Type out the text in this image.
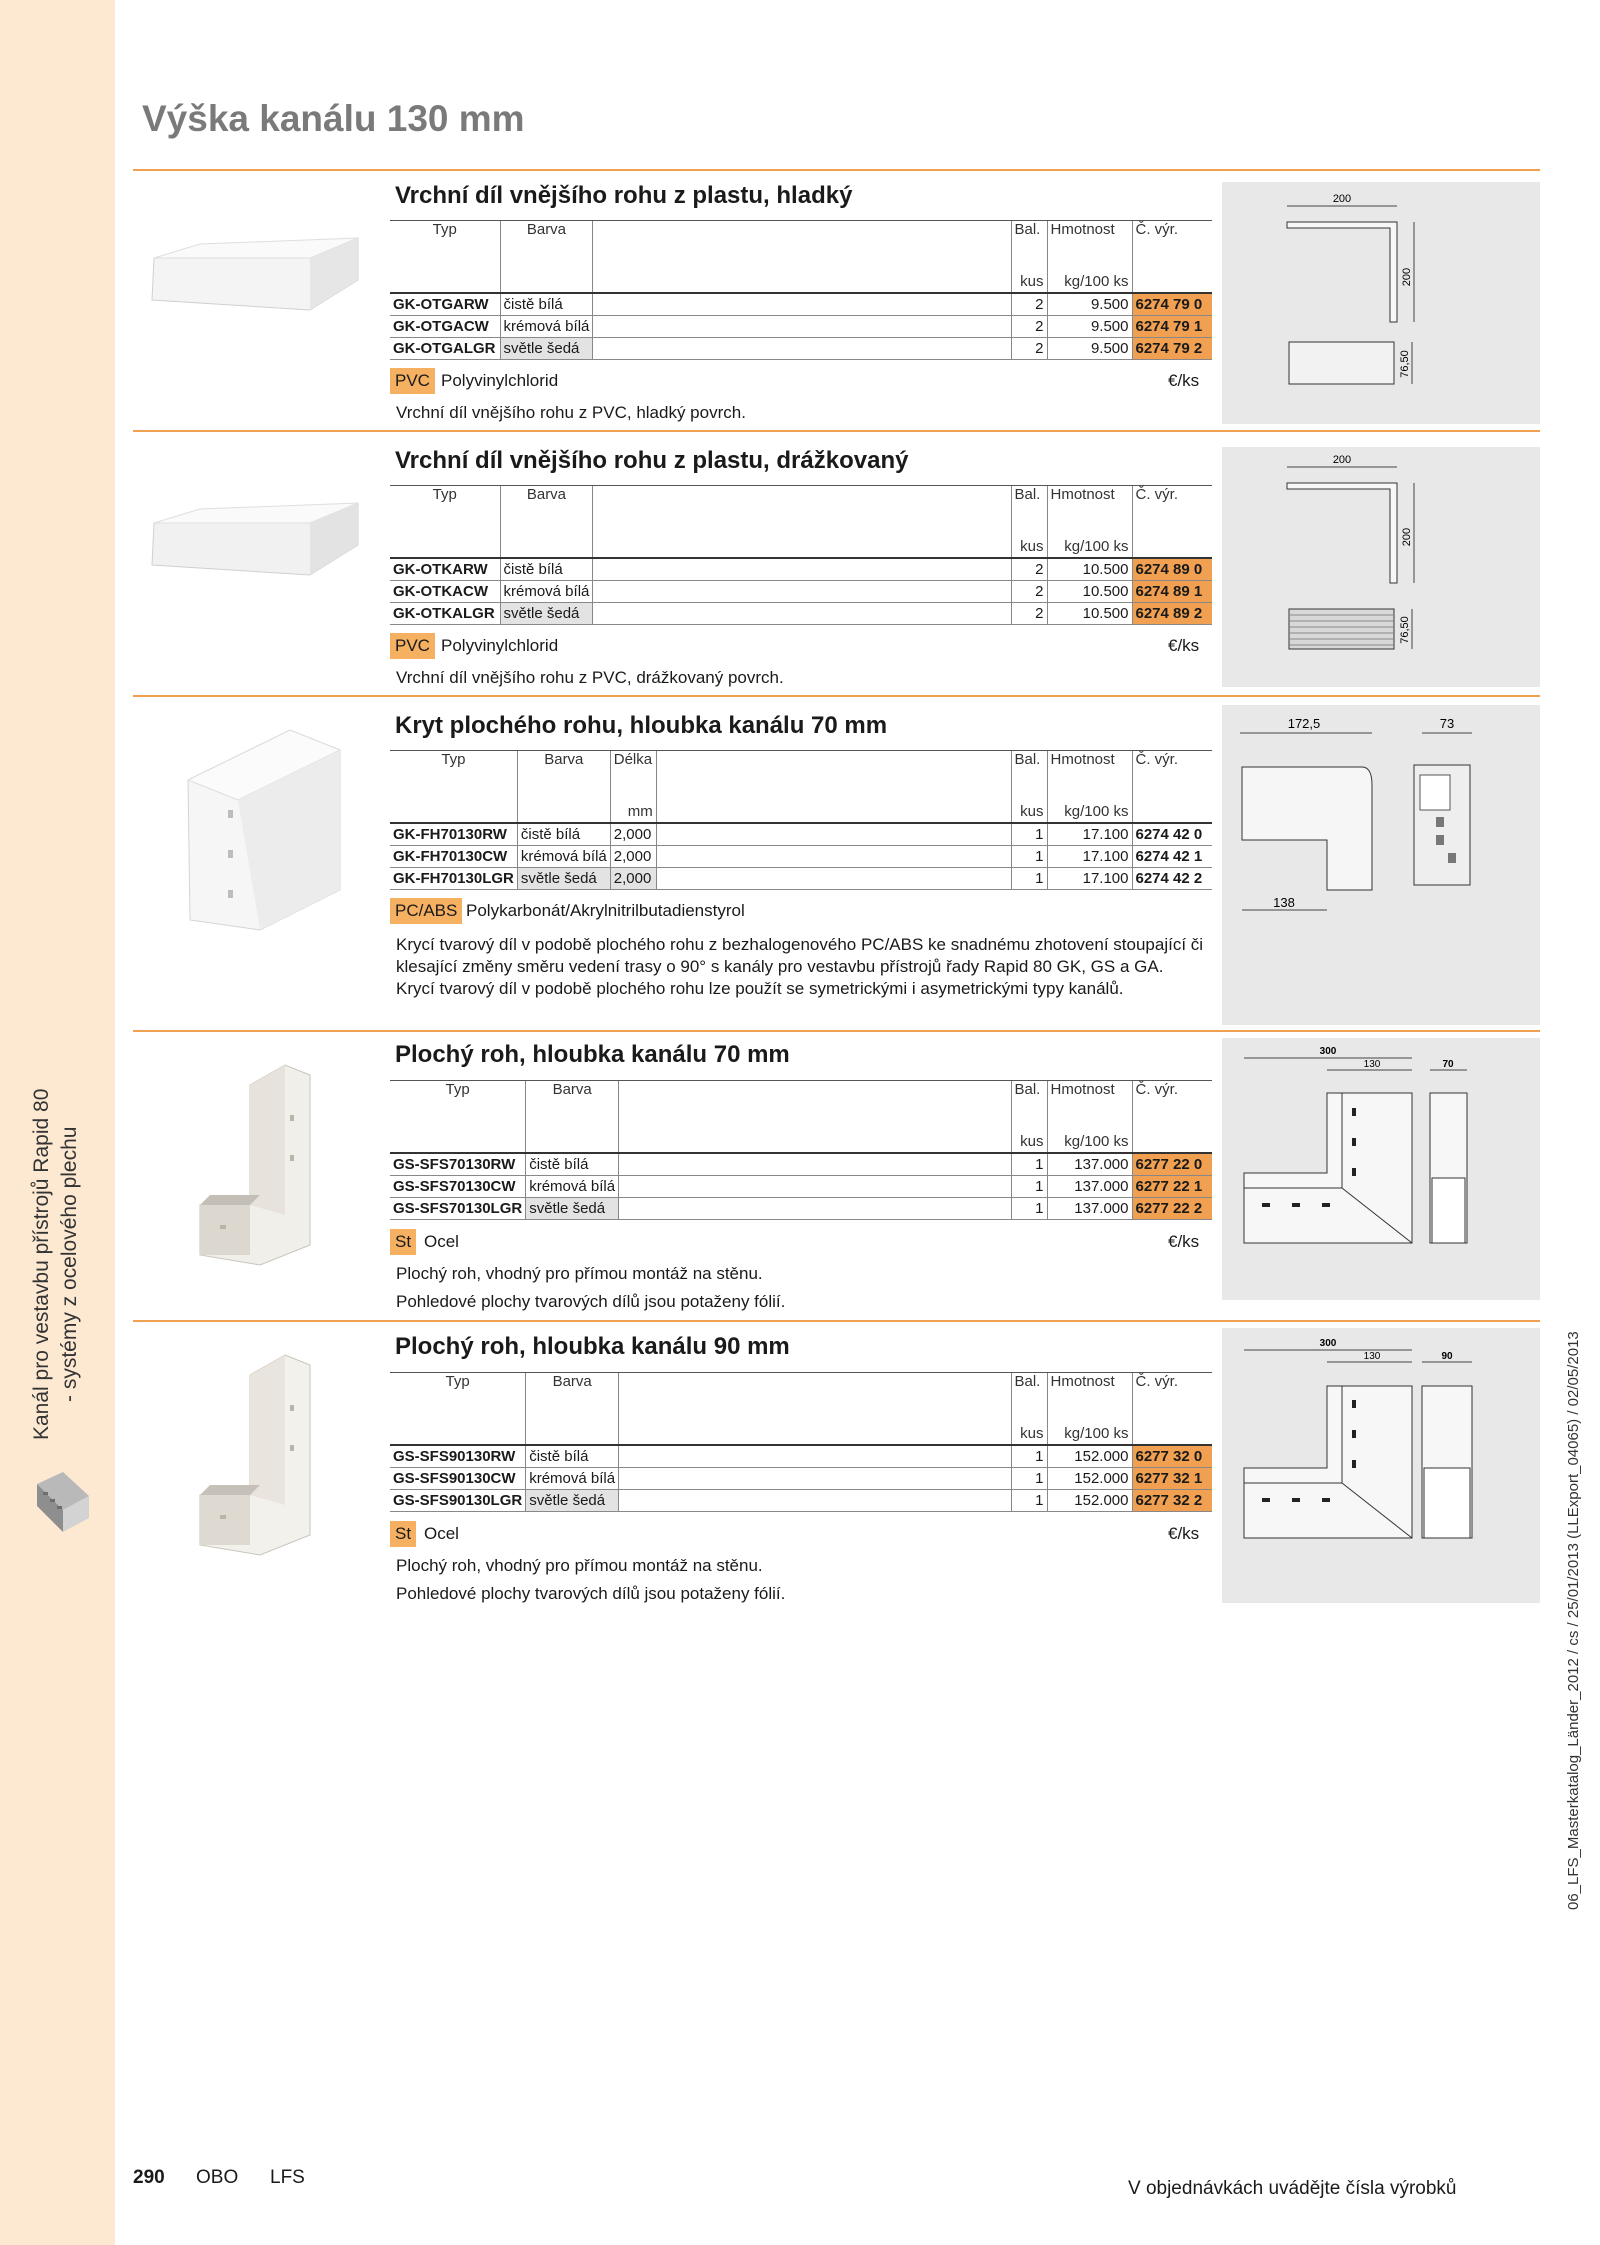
Kanál pro vestavbu přístrojů Rapid 80 - systémy z ocelového plechu
Výška kanálu 130 mm
06_LFS_Masterkatalog_Länder_2012 / cs / 25/01/2013 (LLExport_04065) / 02/05/2013
Vrchní díl vnějšího rohu z plastu, hladký
Typ	Barva		Bal.	Hmotnost	Č. výr.
			kus	kg/100 ks	
GK-OTGARW	čistě bílá		2	9.500	6274 79 0
GK-OTGACW	krémová bílá		2	9.500	6274 79 1
GK-OTGALGR	světle šedá		2	9.500	6274 79 2
PVC Polyvinylchlorid	€/ks

Vrchní díl vnějšího rohu z PVC, hladký povrch.

200
200
76,50
Vrchní díl vnějšího rohu z plastu, drážkovaný
Typ	Barva		Bal.	Hmotnost	Č. výr.
			kus	kg/100 ks	
GK-OTKARW	čistě bílá		2	10.500	6274 89 0
GK-OTKACW	krémová bílá		2	10.500	6274 89 1
GK-OTKALGR	světle šedá		2	10.500	6274 89 2
PVC Polyvinylchlorid	€/ks

Vrchní díl vnějšího rohu z PVC, drážkovaný povrch.

200
200
76,50
Kryt plochého rohu, hloubka kanálu 70 mm
Typ	Barva	Délka		Bal.	Hmotnost	Č. výr.
		mm		kus	kg/100 ks	
GK-FH70130RW	čistě bílá	2,000		1	17.100	6274 42 0
GK-FH70130CW	krémová bílá	2,000		1	17.100	6274 42 1
GK-FH70130LGR	světle šedá	2,000		1	17.100	6274 42 2
PC/ABS Polykarbonát/Akrylnitrilbutadienstyrol

Krycí tvarový díl v podobě plochého rohu z bezhalogenového PC/ABS ke snadnému zhotovení stoupající či klesající změny směru vedení trasy o 90° s kanály pro vestavbu přístrojů řady Rapid 80 GK, GS a GA. Krycí tvarový díl v podobě plochého rohu lze použít se symetrickými i asymetrickými typy kanálů.

172,5	73
138
Plochý roh, hloubka kanálu 70 mm
Typ	Barva		Bal.	Hmotnost	Č. výr.
			kus	kg/100 ks	
GS-SFS70130RW	čistě bílá		1	137.000	6277 22 0
GS-SFS70130CW	krémová bílá		1	137.000	6277 22 1
GS-SFS70130LGR	světle šedá		1	137.000	6277 22 2
St Ocel	€/ks

Plochý roh, vhodný pro přímou montáž na stěnu.

Pohledové plochy tvarových dílů jsou potaženy fólií.

300
130	70
Plochý roh, hloubka kanálu 90 mm
Typ	Barva		Bal.	Hmotnost	Č. výr.
			kus	kg/100 ks	
GS-SFS90130RW	čistě bílá		1	152.000	6277 32 0
GS-SFS90130CW	krémová bílá		1	152.000	6277 32 1
GS-SFS90130LGR	světle šedá		1	152.000	6277 32 2
St Ocel	€/ks

Plochý roh, vhodný pro přímou montáž na stěnu.

Pohledové plochy tvarových dílů jsou potaženy fólií.

300
130	90
290 OBO LFS
V objednávkách uvádějte čísla výrobků
